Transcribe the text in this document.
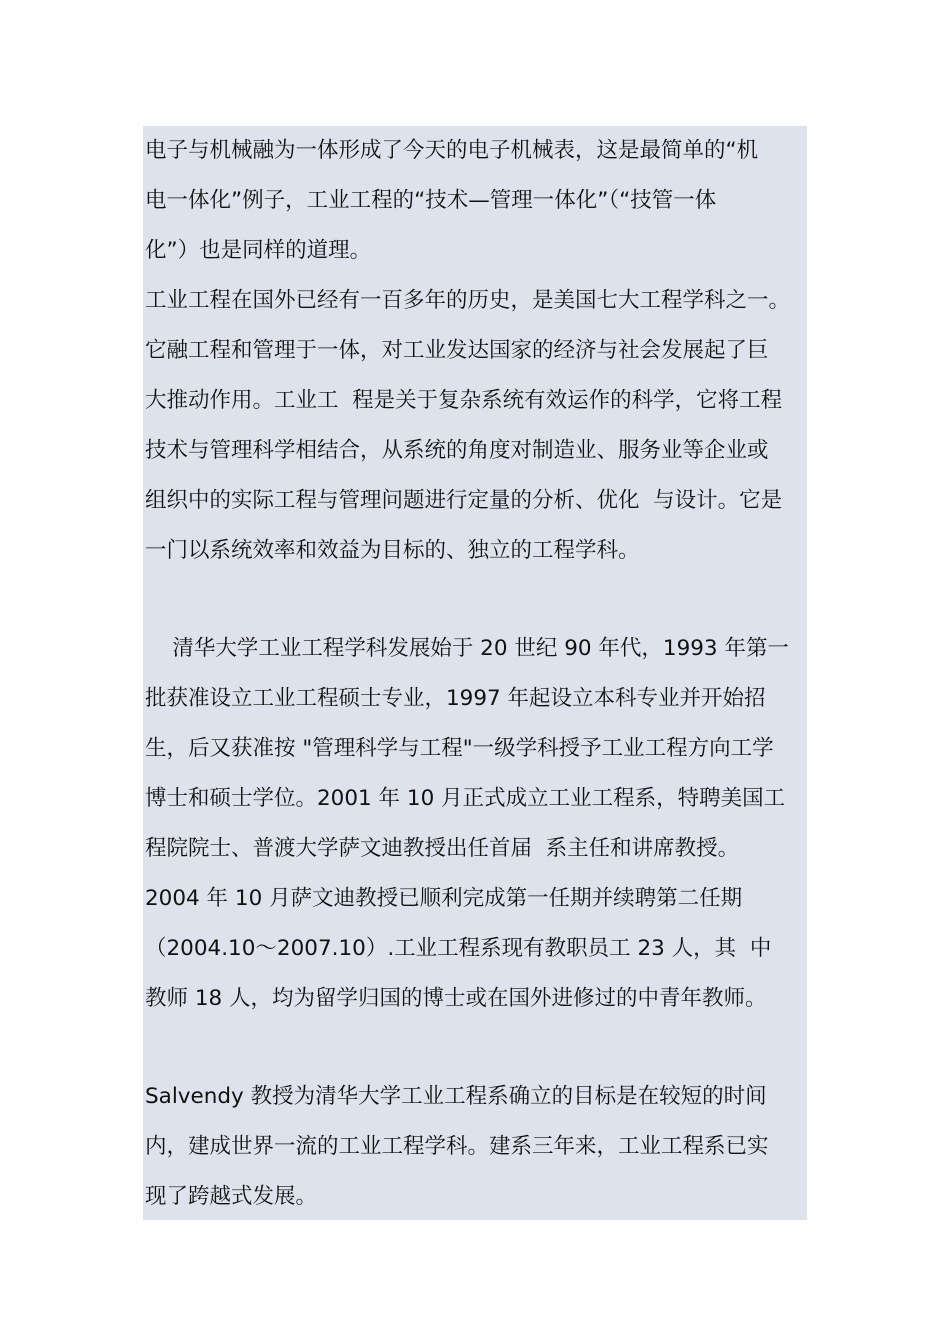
电子与机械融为一体形成了今天的电子机械表，这是最简单的“机
电一体化”例子，工业工程的“技术—管理一体化”（“技管一体
化”）也是同样的道理。
工业工程在国外已经有一百多年的历史，是美国七大工程学科之一。
它融工程和管理于一体，对工业发达国家的经济与社会发展起了巨
大推动作用。工业工  程是关于复杂系统有效运作的科学，它将工程
技术与管理科学相结合，从系统的角度对制造业、服务业等企业或
组织中的实际工程与管理问题进行定量的分析、优化  与设计。它是
一门以系统效率和效益为目标的、独立的工程学科。
清华大学工业工程学科发展始于 20 世纪 90 年代，1993 年第一
批获准设立工业工程硕士专业，1997 年起设立本科专业并开始招
生，后又获准按 "管理科学与工程"一级学科授予工业工程方向工学
博士和硕士学位。2001 年 10 月正式成立工业工程系，特聘美国工
程院院士、普渡大学萨文迪教授出任首届  系主任和讲席教授。
2004 年 10 月萨文迪教授已顺利完成第一任期并续聘第二任期
（2004.10～2007.10）.工业工程系现有教职员工 23 人，其  中
教师 18 人，均为留学归国的博士或在国外进修过的中青年教师。
Salvendy 教授为清华大学工业工程系确立的目标是在较短的时间
内，建成世界一流的工业工程学科。建系三年来，工业工程系已实
现了跨越式发展。
